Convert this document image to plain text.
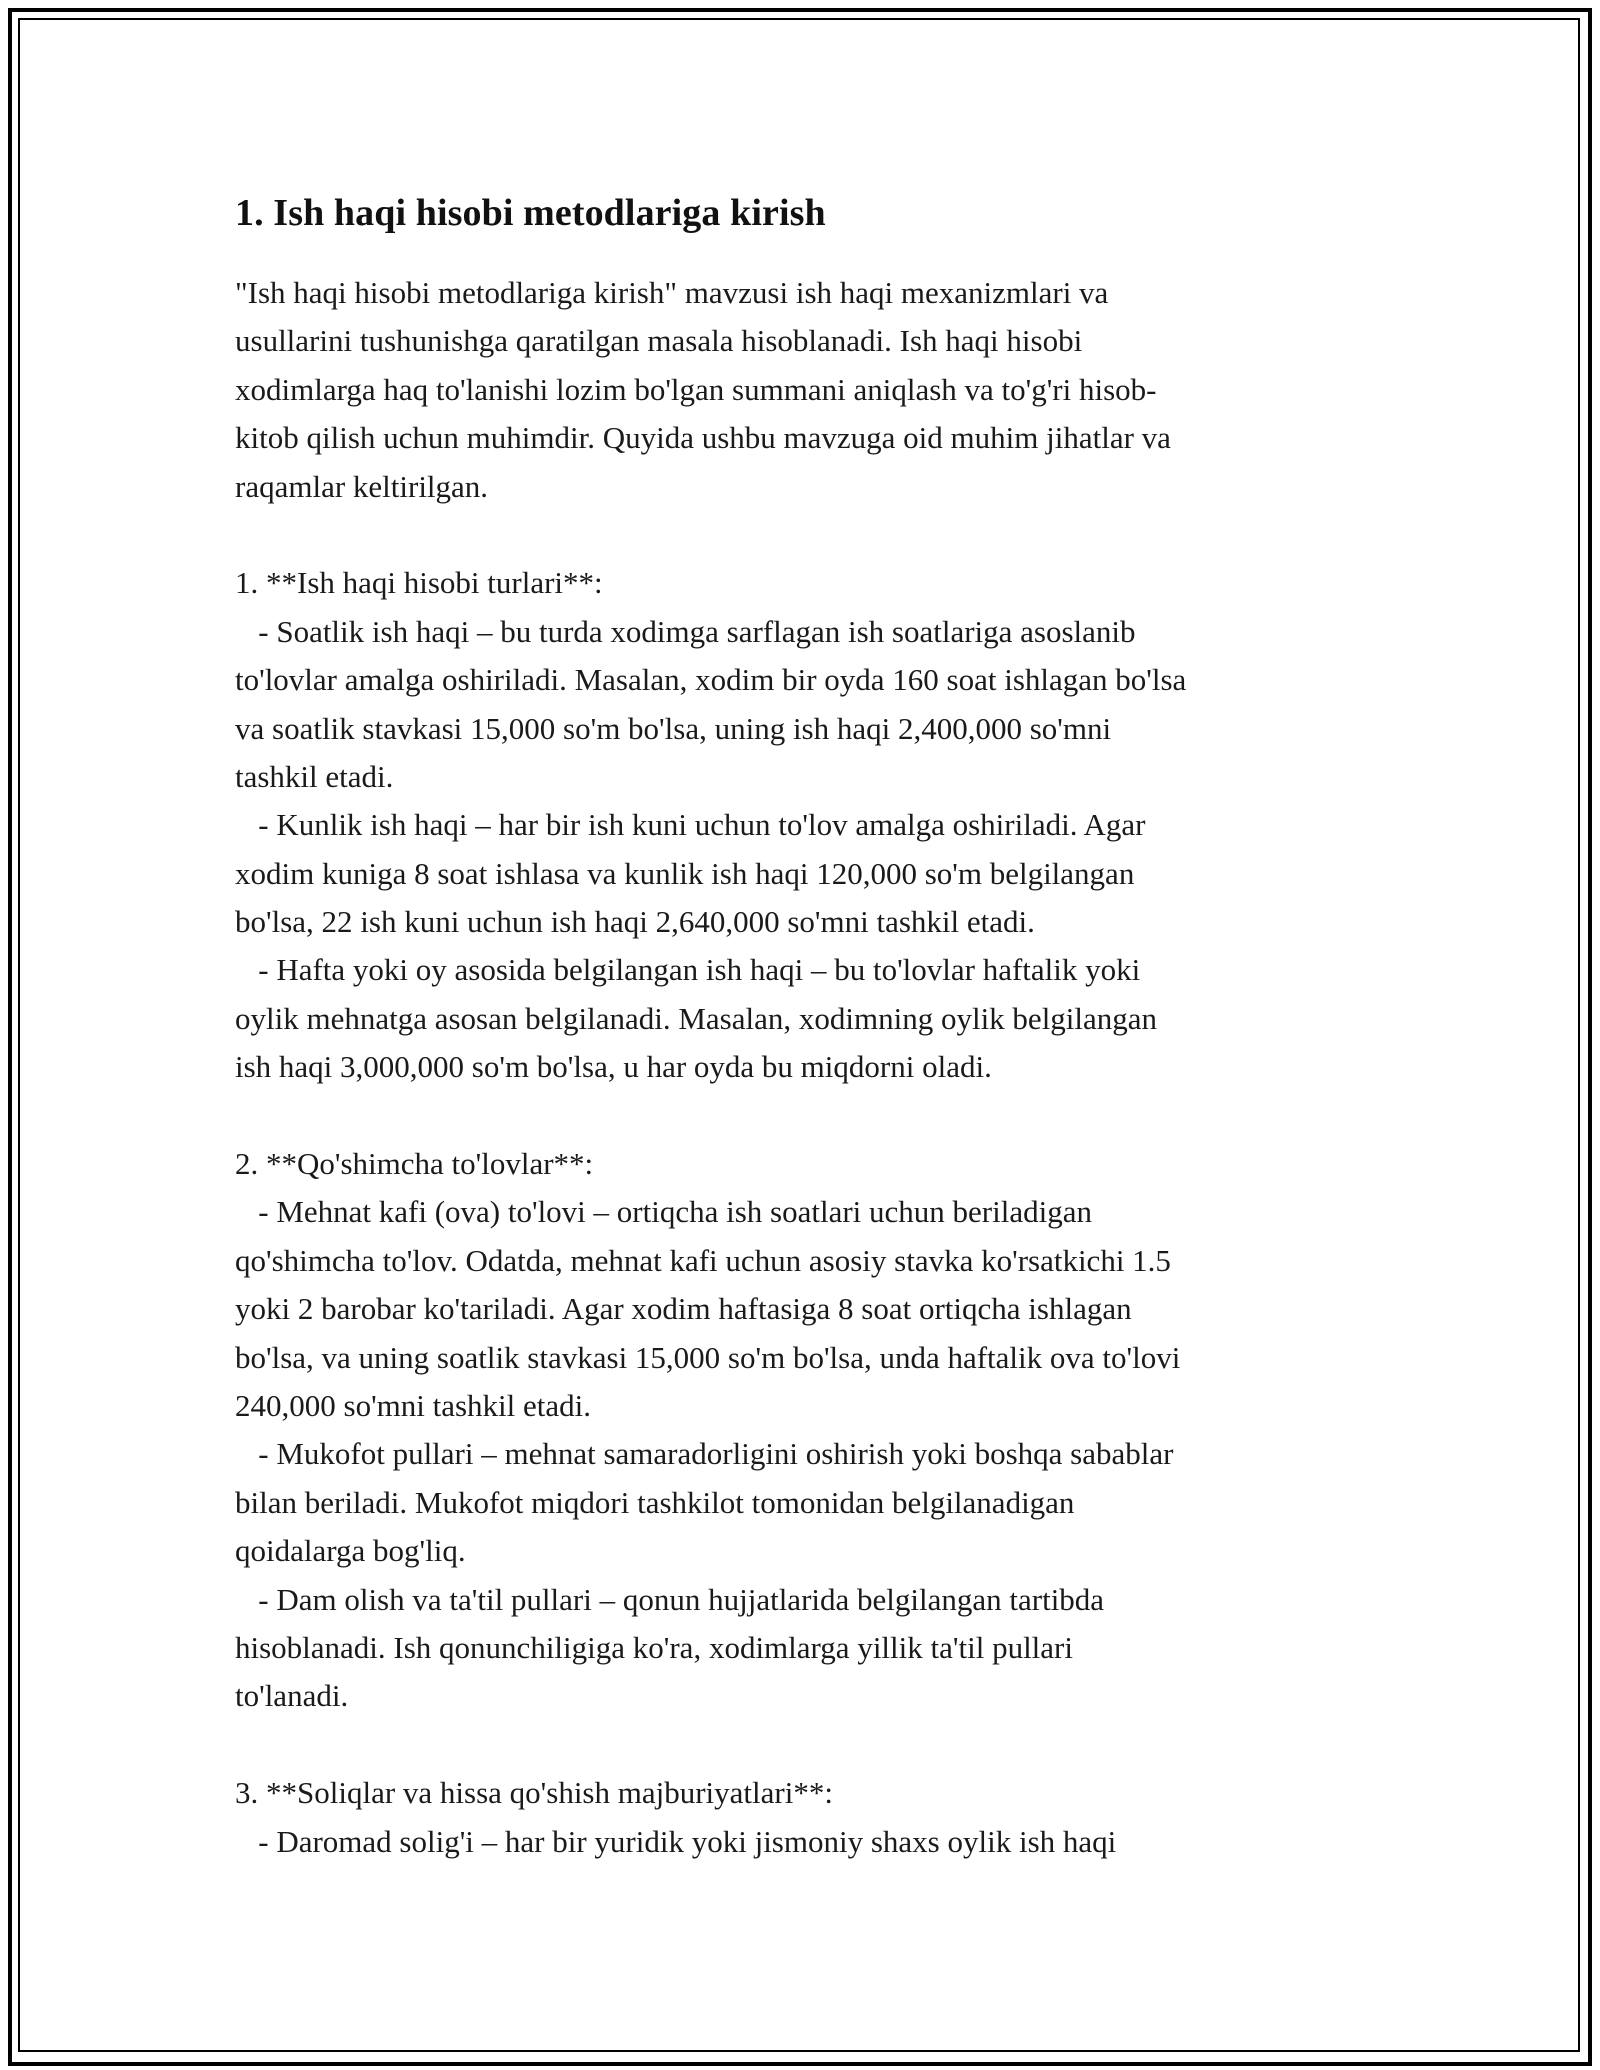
1. Ish haqi hisobi metodlariga kirish
"Ish haqi hisobi metodlariga kirish" mavzusi ish haqi mexanizmlari va
usullarini tushunishga qaratilgan masala hisoblanadi. Ish haqi hisobi
xodimlarga haq to'lanishi lozim bo'lgan summani aniqlash va to'g'ri hisob-
kitob qilish uchun muhimdir. Quyida ushbu mavzuga oid muhim jihatlar va
raqamlar keltirilgan.
1. **Ish haqi hisobi turlari**:
- Soatlik ish haqi – bu turda xodimga sarflagan ish soatlariga asoslanib
to'lovlar amalga oshiriladi. Masalan, xodim bir oyda 160 soat ishlagan bo'lsa
va soatlik stavkasi 15,000 so'm bo'lsa, uning ish haqi 2,400,000 so'mni
tashkil etadi.
- Kunlik ish haqi – har bir ish kuni uchun to'lov amalga oshiriladi. Agar
xodim kuniga 8 soat ishlasa va kunlik ish haqi 120,000 so'm belgilangan
bo'lsa, 22 ish kuni uchun ish haqi 2,640,000 so'mni tashkil etadi.
- Hafta yoki oy asosida belgilangan ish haqi – bu to'lovlar haftalik yoki
oylik mehnatga asosan belgilanadi. Masalan, xodimning oylik belgilangan
ish haqi 3,000,000 so'm bo'lsa, u har oyda bu miqdorni oladi.
2. **Qo'shimcha to'lovlar**:
- Mehnat kafi (ova) to'lovi – ortiqcha ish soatlari uchun beriladigan
qo'shimcha to'lov. Odatda, mehnat kafi uchun asosiy stavka ko'rsatkichi 1.5
yoki 2 barobar ko'tariladi. Agar xodim haftasiga 8 soat ortiqcha ishlagan
bo'lsa, va uning soatlik stavkasi 15,000 so'm bo'lsa, unda haftalik ova to'lovi
240,000 so'mni tashkil etadi.
- Mukofot pullari – mehnat samaradorligini oshirish yoki boshqa sabablar
bilan beriladi. Mukofot miqdori tashkilot tomonidan belgilanadigan
qoidalarga bog'liq.
- Dam olish va ta'til pullari – qonun hujjatlarida belgilangan tartibda
hisoblanadi. Ish qonunchiligiga ko'ra, xodimlarga yillik ta'til pullari
to'lanadi.
3. **Soliqlar va hissa qo'shish majburiyatlari**:
- Daromad solig'i – har bir yuridik yoki jismoniy shaxs oylik ish haqi
